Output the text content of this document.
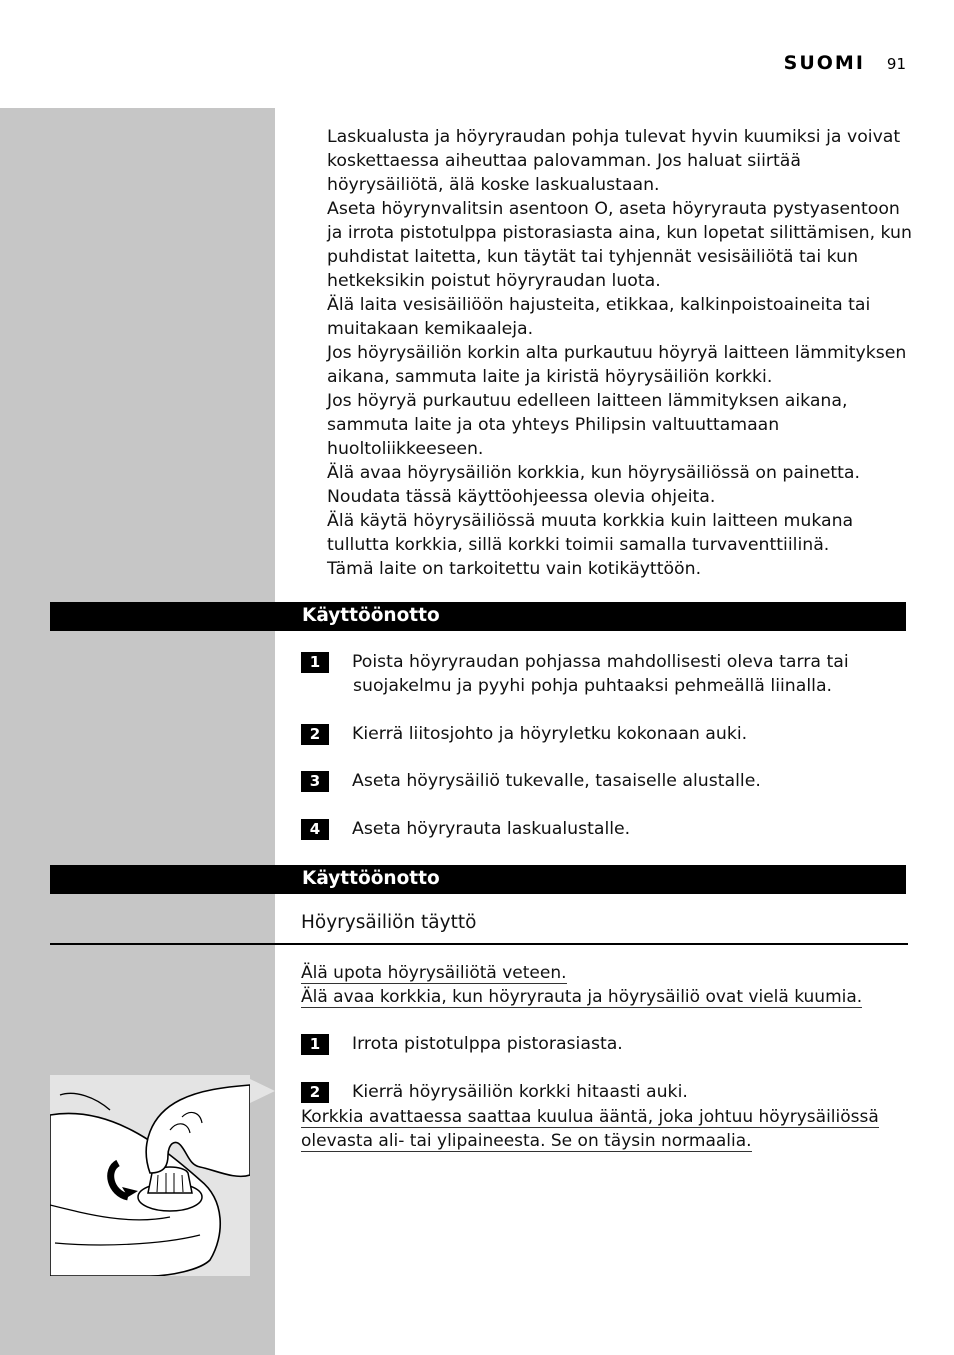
SUOMI 91

Laskualusta ja höyryraudan pohja tulevat hyvin kuumiksi ja voivat koskettaessa aiheuttaa palovamman. Jos haluat siirtää höyrysäiliötä, älä koske laskualustaan.

Aseta höyrynvalitsin asentoon O, aseta höyryrauta pystyasentoon ja irrota pistotulppa pistorasiasta aina, kun lopetat silittämisen, kun puhdistat laitetta, kun täytät tai tyhjennät vesisäiliötä tai kun hetkeksikin poistut höyryraudan luota.

Älä laita vesisäiliöön hajusteita, etikkaa, kalkinpoistoaineita tai muitakaan kemikaaleja.

Jos höyrysäiliön korkin alta purkautuu höyryä laitteen lämmityksen aikana, sammuta laite ja kiristä höyrysäiliön korkki.

Jos höyryä purkautuu edelleen laitteen lämmityksen aikana, sammuta laite ja ota yhteys Philipsin valtuuttamaan huoltoliikkeeseen.

Älä avaa höyrysäiliön korkkia, kun höyrysäiliössä on painetta. Noudata tässä käyttöohjeessa olevia ohjeita.

Älä käytä höyrysäiliössä muuta korkkia kuin laitteen mukana tullutta korkkia, sillä korkki toimii samalla turvaventtiilinä.

Tämä laite on tarkoitettu vain kotikäyttöön.

Käyttöönotto
1	Poista höyryraudan pohjassa mahdollisesti oleva tarra tai
suojakelmu ja pyyhi pohja puhtaaksi pehmeällä liinalla.
2	Kierrä liitosjohto ja höyryletku kokonaan auki.
3	Aseta höyrysäiliö tukevalle, tasaiselle alustalle.
4	Aseta höyryrauta laskualustalle.
Käyttöönotto
Höyrysäiliön täyttö
Älä upota höyrysäiliötä veteen.
Älä avaa korkkia, kun höyryrauta ja höyrysäiliö ovat vielä kuumia.
1	Irrota pistotulppa pistorasiasta.
2	Kierrä höyrysäiliön korkki hitaasti auki.
Korkkia avattaessa saattaa kuulua ääntä, joka johtuu höyrysäiliössä
olevasta ali- tai ylipaineesta. Se on täysin normaalia.
